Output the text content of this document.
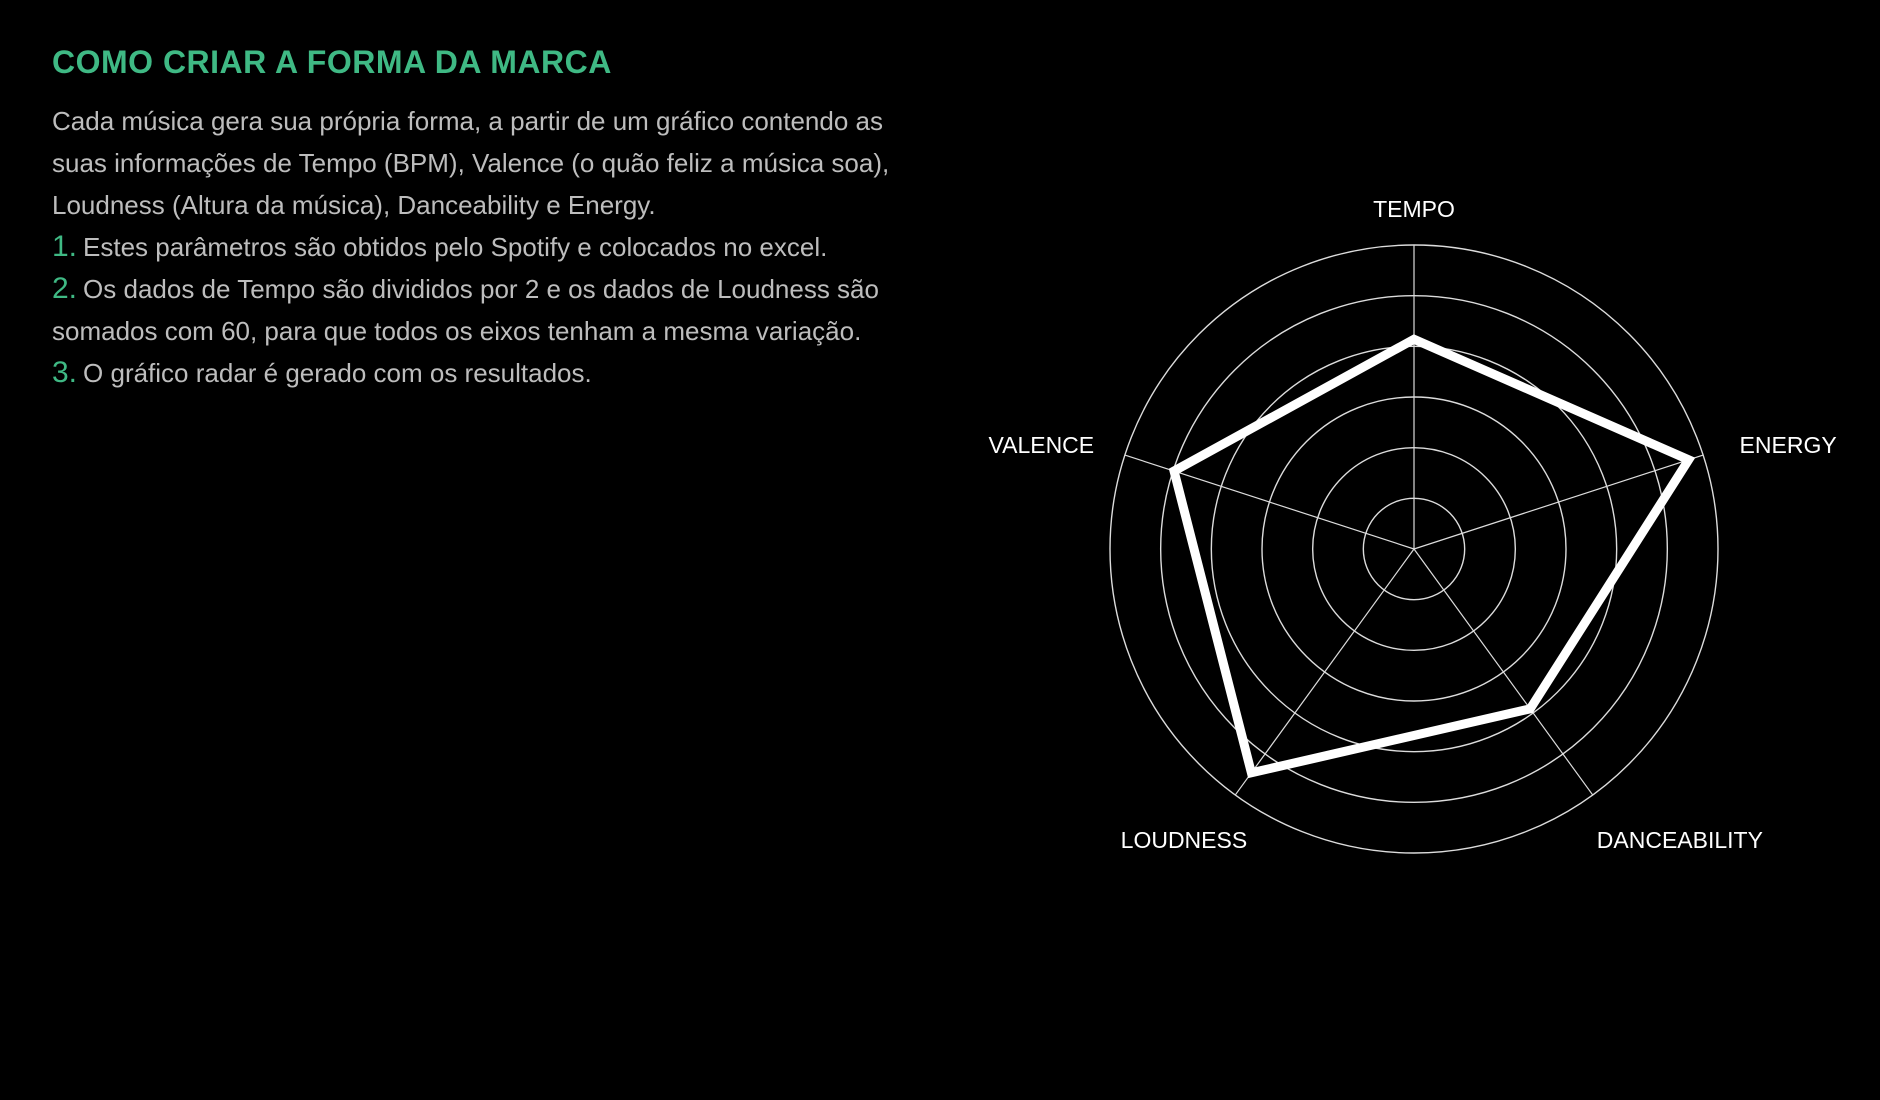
COMO CRIAR A FORMA DA MARCA

Cada música gera sua própria forma, a partir de um gráfico contendo as suas informações de Tempo (BPM), Valence (o quão feliz a música soa), Loudness (Altura da música), Danceability e Energy.

1. Estes parâmetros são obtidos pelo Spotify e colocados no excel.
2. Os dados de Tempo são divididos por 2 e os dados de Loudness são somados com 60, para que todos os eixos tenham a mesma variação.
3. O gráfico radar é gerado com os resultados.
TEMPO
ENERGY
DANCEABILITY
LOUDNESS
VALENCE
